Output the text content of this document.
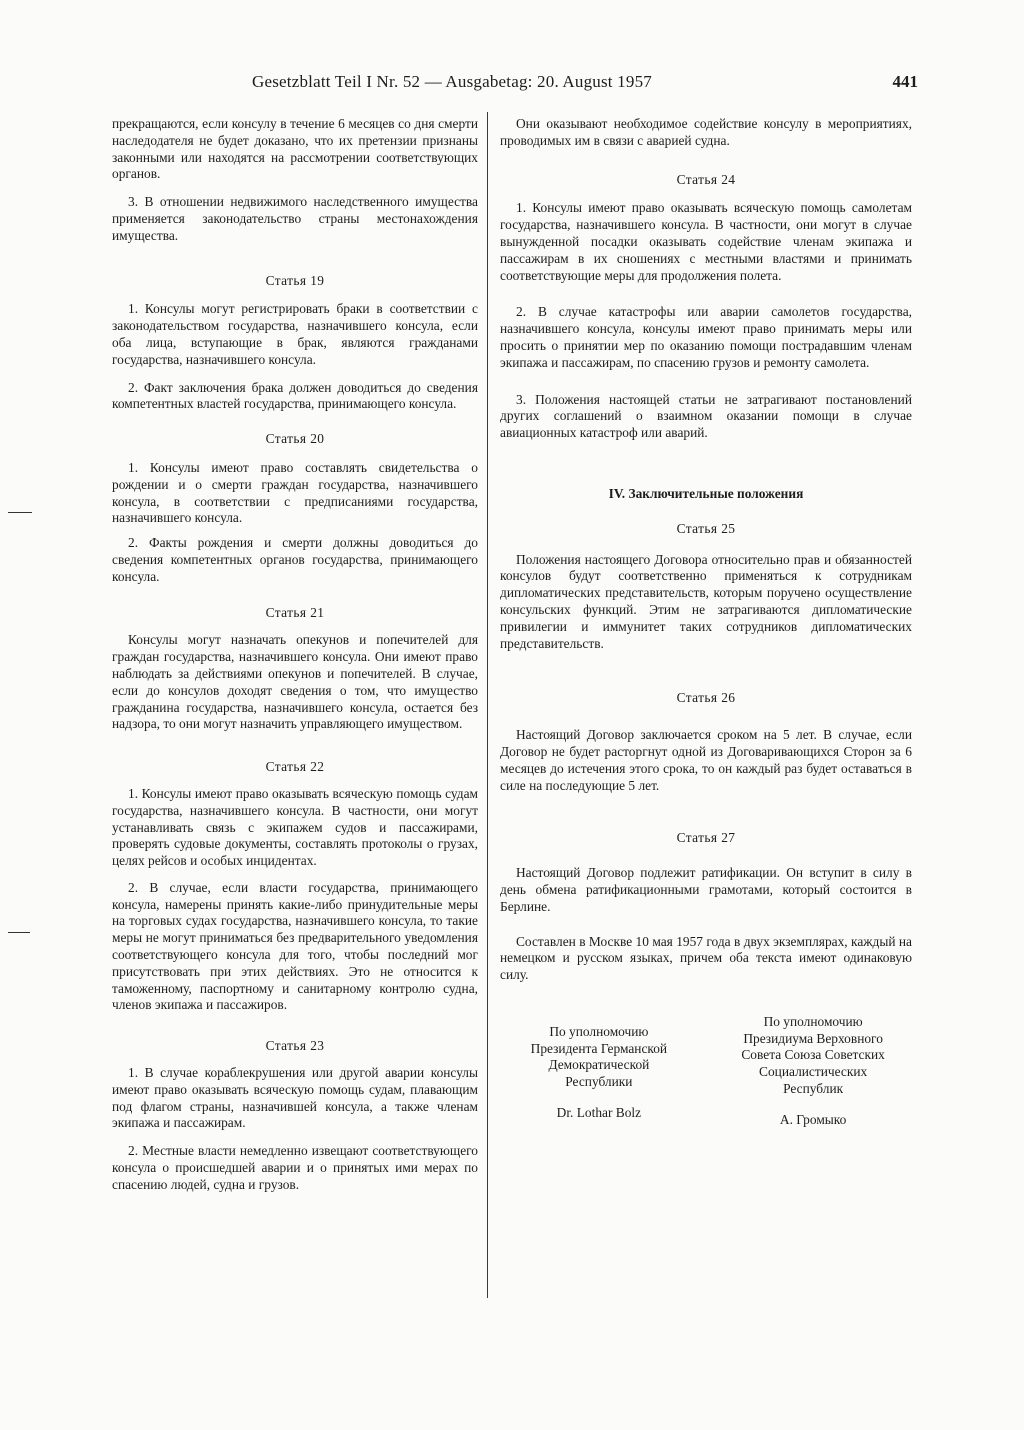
Gesetzblatt Teil I Nr. 52 — Ausgabetag: 20. August 1957	441

прекращаются, если консулу в течение 6 месяцев со дня смерти наследодателя не будет доказано, что их претензии признаны законными или находятся на рассмотрении соответствующих органов.

3. В отношении недвижимого наследственного имущества применяется законодательство страны местонахождения имущества.

Статья 19

1. Консулы могут регистрировать браки в соответствии с законодательством государства, назначившего консула, если оба лица, вступающие в брак, являются гражданами государства, назначившего консула.

2. Факт заключения брака должен доводиться до сведения компетентных властей государства, принимающего консула.

Статья 20

1. Консулы имеют право составлять свидетельства о рождении и о смерти граждан государства, назначившего консула, в соответствии с предписаниями государства, назначившего консула.

2. Факты рождения и смерти должны доводиться до сведения компетентных органов государства, принимающего консула.

Статья 21

Консулы могут назначать опекунов и попечителей для граждан государства, назначившего консула. Они имеют право наблюдать за действиями опекунов и попечителей. В случае, если до консулов доходят сведения о том, что имущество гражданина государства, назначившего консула, остается без надзора, то они могут назначить управляющего имуществом.

Статья 22

1. Консулы имеют право оказывать всяческую помощь судам государства, назначившего консула. В частности, они могут устанавливать связь с экипажем судов и пассажирами, проверять судовые документы, составлять протоколы о грузах, целях рейсов и особых инцидентах.

2. В случае, если власти государства, принимающего консула, намерены принять какие-либо принудительные меры на торговых судах государства, назначившего консула, то такие меры не могут приниматься без предварительного уведомления соответствующего консула для того, чтобы последний мог присутствовать при этих действиях. Это не относится к таможенному, паспортному и санитарному контролю судна, членов экипажа и пассажиров.

Статья 23

1. В случае кораблекрушения или другой аварии консулы имеют право оказывать всяческую помощь судам, плавающим под флагом страны, назначившей консула, а также членам экипажа и пассажирам.

2. Местные власти немедленно извещают соответствующего консула о происшедшей аварии и о принятых ими мерах по спасению людей, судна и грузов.

Они оказывают необходимое содействие консулу в мероприятиях, проводимых им в связи с аварией судна.

Статья 24

1. Консулы имеют право оказывать всяческую помощь самолетам государства, назначившего консула. В частности, они могут в случае вынужденной посадки оказывать содействие членам экипажа и пассажирам в их сношениях с местными властями и принимать соответствующие меры для продолжения полета.

2. В случае катастрофы или аварии самолетов государства, назначившего консула, консулы имеют право принимать меры или просить о принятии мер по оказанию помощи пострадавшим членам экипажа и пассажирам, по спасению грузов и ремонту самолета.

3. Положения настоящей статьи не затрагивают постановлений других соглашений о взаимном оказании помощи в случае авиационных катастроф или аварий.

IV. Заключительные положения
Статья 25

Положения настоящего Договора относительно прав и обязанностей консулов будут соответственно применяться к сотрудникам дипломатических представительств, которым поручено осуществление консульских функций. Этим не затрагиваются дипломатические привилегии и иммунитет таких сотрудников дипломатических представительств.

Статья 26

Настоящий Договор заключается сроком на 5 лет. В случае, если Договор не будет расторгнут одной из Договаривающихся Сторон за 6 месяцев до истечения этого срока, то он каждый раз будет оставаться в силе на последующие 5 лет.

Статья 27

Настоящий Договор подлежит ратификации. Он вступит в силу в день обмена ратификационными грамотами, который состоится в Берлине.

Составлен в Москве 10 мая 1957 года в двух экземплярах, каждый на немецком и русском языках, причем оба текста имеют одинаковую силу.

По уполномочию
Президента Германской
Демократической
Республики
Dr. Lothar Bolz
По уполномочию
Президиума Верховного
Совета Союза Советских
Социалистических
Республик
А. Громыко
